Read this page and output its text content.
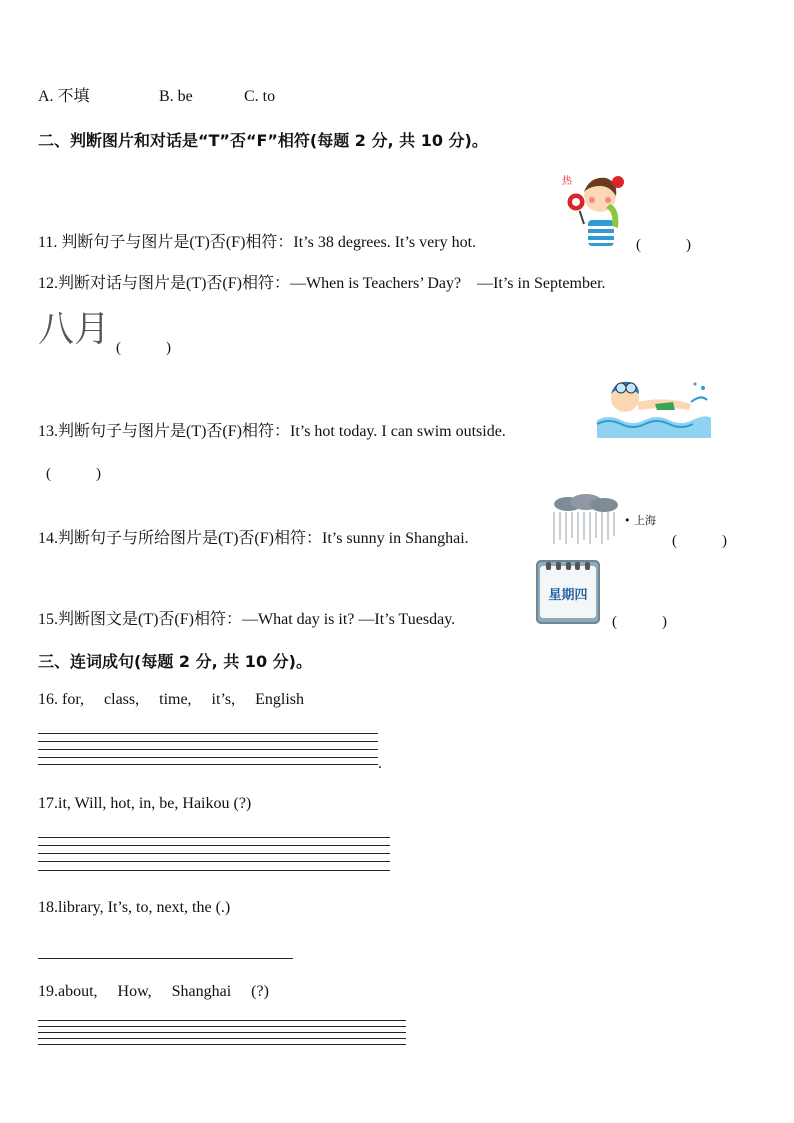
A. 不填	B. be	C. to
二、判断图片和对话是“T”否“F”相符(每题 2 分, 共 10 分)。
11. 判断句子与图片是(T)否(F)相符：It’s 38 degrees. It’s very hot.
热
(　　　)
12.判断对话与图片是(T)否(F)相符：—When is Teachers’ Day?　—It’s in September.
八月 (　　　)
13.判断句子与图片是(T)否(F)相符：It’s hot today. I can swim outside.
(　　　)
14.判断句子与所给图片是(T)否(F)相符：It’s sunny in Shanghai.
• 上海
(　　　)
15.判断图文是(T)否(F)相符：—What day is it? —It’s Tuesday.
星期四
(　　　)
三、连词成句(每题 2 分, 共 10 分)。
16. for,　 class,　 time,　 it’s,　 English
.
17.it, Will, hot, in, be, Haikou (?)
18.library, It’s, to, next, the (.)
19.about,　 How,　 Shanghai　 (?)
